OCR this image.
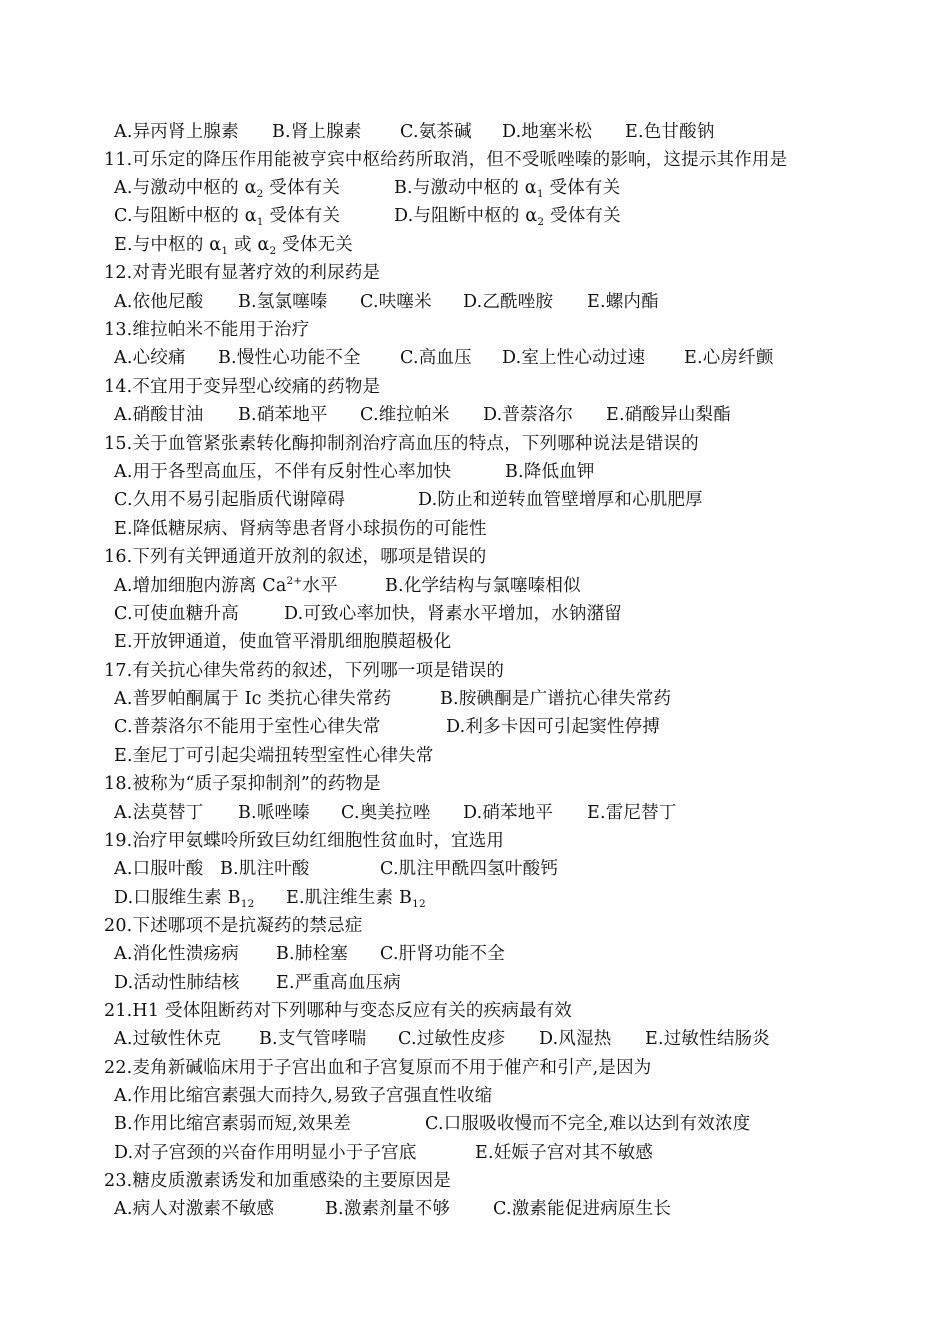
A.异丙肾上腺素 B.肾上腺素 C.氨茶碱 D.地塞米松 E.色甘酸钠
11.可乐定的降压作用能被亨宾中枢给药所取消，但不受哌唑嗪的影响，这提示其作用是
A.与激动中枢的 $\alpha_2$ 受体有关	B.与激动中枢的 $\alpha_1$ 受体有关
C.与阻断中枢的 $\alpha_1$ 受体有关	D.与阻断中枢的 $\alpha_2$ 受体有关
E.与中枢的 $\alpha_1$ 或 $\alpha_2$ 受体无关
12.对青光眼有显著疗效的利尿药是
A.依他尼酸 B.氢氯噻嗪 C.呋噻米 D.乙酰唑胺 E.螺内酯
13.维拉帕米不能用于治疗
A.心绞痛 B.慢性心功能不全 C.高血压 D.室上性心动过速 E.心房纤颤
14.不宜用于变异型心绞痛的药物是
A.硝酸甘油 B.硝苯地平 C.维拉帕米 D.普萘洛尔 E.硝酸异山梨酯
15.关于血管紧张素转化酶抑制剂治疗高血压的特点，下列哪种说法是错误的
A.用于各型高血压，不伴有反射性心率加快	B.降低血钾
C.久用不易引起脂质代谢障碍	D.防止和逆转血管壁增厚和心肌肥厚
E.降低糖尿病、肾病等患者肾小球损伤的可能性
16.下列有关钾通道开放剂的叙述，哪项是错误的
A.增加细胞内游离 $Ca^{2+}$水平	B.化学结构与氯噻嗪相似
C.可使血糖升高	D.可致心率加快，肾素水平增加，水钠潴留
E.开放钾通道，使血管平滑肌细胞膜超极化
17.有关抗心律失常药的叙述，下列哪一项是错误的
A.普罗帕酮属于 Ic 类抗心律失常药	B.胺碘酮是广谱抗心律失常药
C.普萘洛尔不能用于室性心律失常	D.利多卡因可引起窦性停搏
E.奎尼丁可引起尖端扭转型室性心律失常
18.被称为“质子泵抑制剂”的药物是
A.法莫替丁 B.哌唑嗪 C.奥美拉唑 D.硝苯地平 E.雷尼替丁
19.治疗甲氨蝶呤所致巨幼红细胞性贫血时，宜选用
A.口服叶酸 B.肌注叶酸	C.肌注甲酰四氢叶酸钙
D.口服维生素 $B_{12}$ E.肌注维生素 $B_{12}$
20.下述哪项不是抗凝药的禁忌症
A.消化性溃疡病 B.肺栓塞 C.肝肾功能不全
D.活动性肺结核 E.严重高血压病
21.H1 受体阻断药对下列哪种与变态反应有关的疾病最有效
A.过敏性休克 B.支气管哮喘 C.过敏性皮疹 D.风湿热 E.过敏性结肠炎
22.麦角新碱临床用于子宫出血和子宫复原而不用于催产和引产,是因为
A.作用比缩宫素强大而持久,易致子宫强直性收缩
B.作用比缩宫素弱而短,效果差	C.口服吸收慢而不完全,难以达到有效浓度
D.对子宫颈的兴奋作用明显小于子宫底	E.妊娠子宫对其不敏感
23.糖皮质激素诱发和加重感染的主要原因是
A.病人对激素不敏感	B.激素剂量不够 C.激素能促进病原生长
